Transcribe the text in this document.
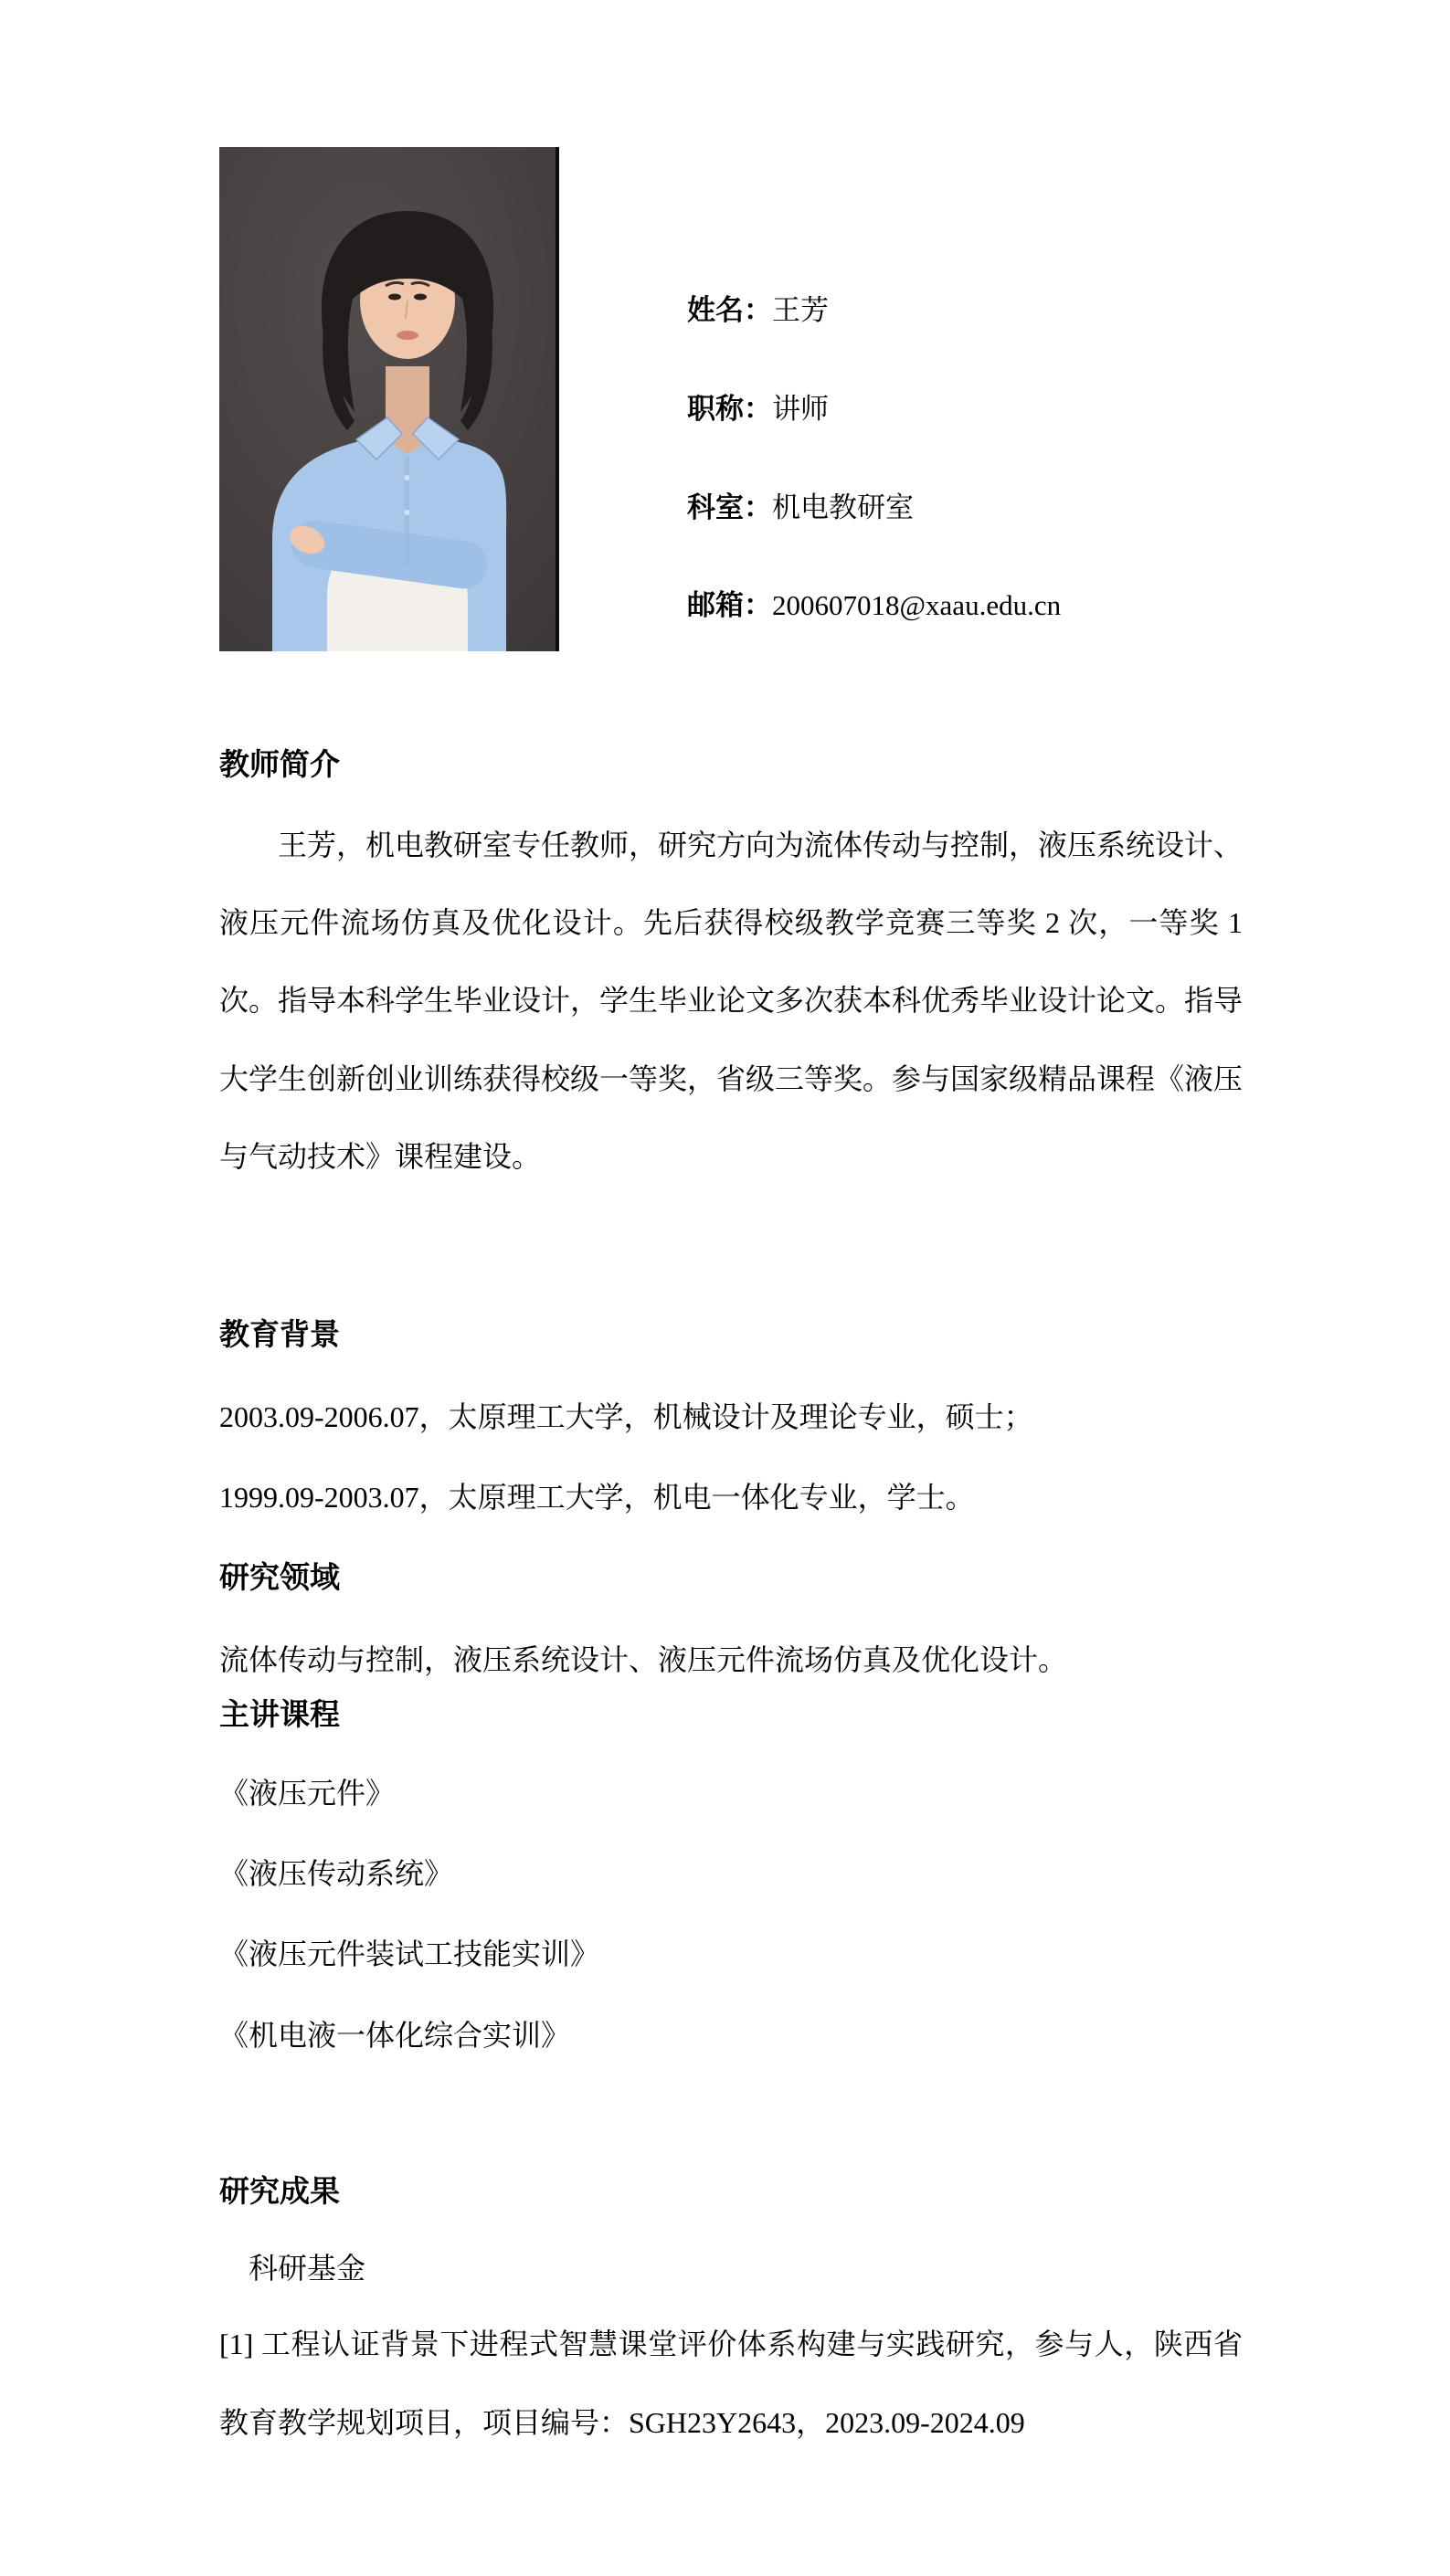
姓名：王芳
职称：讲师
科室：机电教研室
邮箱：200607018@xaau.edu.cn
教师简介
王芳，机电教研室专任教师，研究方向为流体传动与控制，液压系统设计、
液压元件流场仿真及优化设计。先后获得校级教学竞赛三等奖 2 次，一等奖 1
次。指导本科学生毕业设计，学生毕业论文多次获本科优秀毕业设计论文。指导
大学生创新创业训练获得校级一等奖，省级三等奖。参与国家级精品课程《液压
与气动技术》课程建设。
教育背景
2003.09-2006.07，太原理工大学，机械设计及理论专业，硕士；
1999.09-2003.07，太原理工大学，机电一体化专业，学士。
研究领域
流体传动与控制，液压系统设计、液压元件流场仿真及优化设计。
主讲课程
《液压元件》
《液压传动系统》
《液压元件装试工技能实训》
《机电液一体化综合实训》
研究成果
科研基金
[1] 工程认证背景下进程式智慧课堂评价体系构建与实践研究，参与人，陕西省
教育教学规划项目，项目编号：SGH23Y2643，2023.09-2024.09
